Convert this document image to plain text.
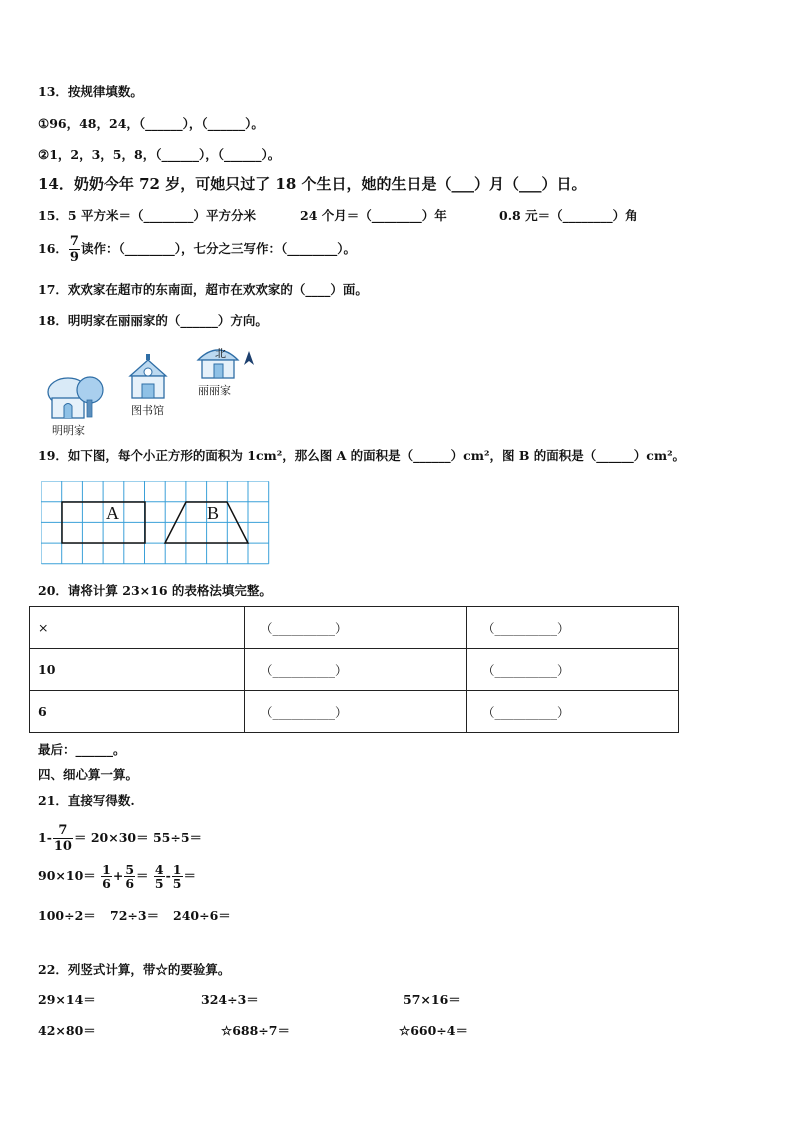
13．按规律填数。
①96，48，24，（______），（______）。
②1，2，3，5，8，（______），（______）。
14．奶奶今年 72 岁，可她只过了 18 个生日，她的生日是（___）月（___）日。
15．5 平方米＝（________）平方分米	24 个月＝（________）年	0.8 元＝（________）角
16． $\frac{7}{9}$ 读作：（________），七分之三写作：（________）。
17．欢欢家在超市的东南面，超市在欢欢家的（____）面。
18．明明家在丽丽家的（______）方向。
北
丽丽家
图书馆
明明家
19．如下图，每个小正方形的面积为 1cm²，那么图 A 的面积是（______）cm²，图 B 的面积是（______）cm²。
A	B
20．请将计算 23×16 的表格法填完整。
×	（__________）	（__________）
10	（__________）	（__________）
6	（__________）	（__________）
最后：______。
四、细心算一算。
21．直接写得数.
$1- \frac{7}{10} = 20\times 30= 55\div 5=$
$90\times 10= \frac{1}{6} + \frac{5}{6} = \frac{4}{5} - \frac{1}{5}$ ＝
100÷2＝ 72÷3＝ 240÷6＝
22．列竖式计算，带☆的要验算。
29×14＝	324÷3＝	57×16＝
42×80＝	☆688÷7＝	☆660÷4＝
